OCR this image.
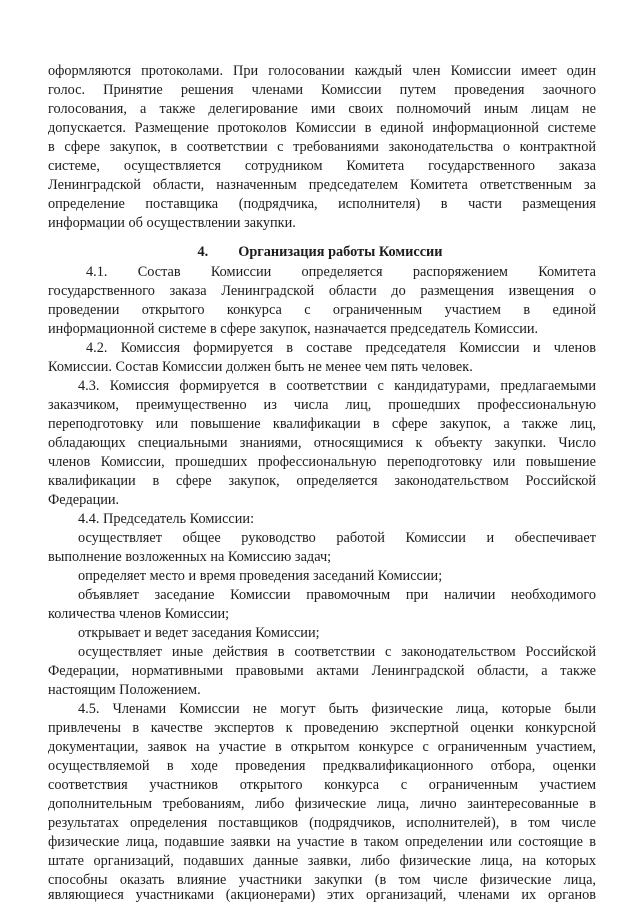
оформляются протоколами. При голосовании каждый член Комиссии имеет один
голос. Принятие решения членами Комиссии путем проведения заочного
голосования, а также делегирование ими своих полномочий иным лицам не
допускается. Размещение протоколов Комиссии в единой информационной системе
в сфере закупок, в соответствии с требованиями законодательства о контрактной
системе, осуществляется сотрудником Комитета государственного заказа
Ленинградской области, назначенным председателем Комитета ответственным за
определение поставщика (подрядчика, исполнителя) в части размещения
информации об осуществлении закупки.
4. Организация работы Комиссии
4.1. Состав Комиссии определяется распоряжением Комитета
государственного заказа Ленинградской области до размещения извещения о
проведении открытого конкурса с ограниченным участием в единой
информационной системе в сфере закупок, назначается председатель Комиссии.
4.2. Комиссия формируется в составе председателя Комиссии и членов
Комиссии. Состав Комиссии должен быть не менее чем пять человек.
4.3. Комиссия формируется в соответствии с кандидатурами, предлагаемыми
заказчиком, преимущественно из числа лиц, прошедших профессиональную
переподготовку или повышение квалификации в сфере закупок, а также лиц,
обладающих специальными знаниями, относящимися к объекту закупки. Число
членов Комиссии, прошедших профессиональную переподготовку или повышение
квалификации в сфере закупок, определяется законодательством Российской
Федерации.
4.4. Председатель Комиссии:
осуществляет общее руководство работой Комиссии и обеспечивает
выполнение возложенных на Комиссию задач;
определяет место и время проведения заседаний Комиссии;
объявляет заседание Комиссии правомочным при наличии необходимого
количества членов Комиссии;
открывает и ведет заседания Комиссии;
осуществляет иные действия в соответствии с законодательством Российской
Федерации, нормативными правовыми актами Ленинградской области, а также
настоящим Положением.
4.5. Членами Комиссии не могут быть физические лица, которые были
привлечены в качестве экспертов к проведению экспертной оценки конкурсной
документации, заявок на участие в открытом конкурсе с ограниченным участием,
осуществляемой в ходе проведения предквалификационного отбора, оценки
соответствия участников открытого конкурса с ограниченным участием
дополнительным требованиям, либо физические лица, лично заинтересованные в
результатах определения поставщиков (подрядчиков, исполнителей), в том числе
физические лица, подавшие заявки на участие в таком определении или состоящие в
штате организаций, подавших данные заявки, либо физические лица, на которых
способны оказать влияние участники закупки (в том числе физические лица,
являющиеся участниками (акционерами) этих организаций, членами их органов
